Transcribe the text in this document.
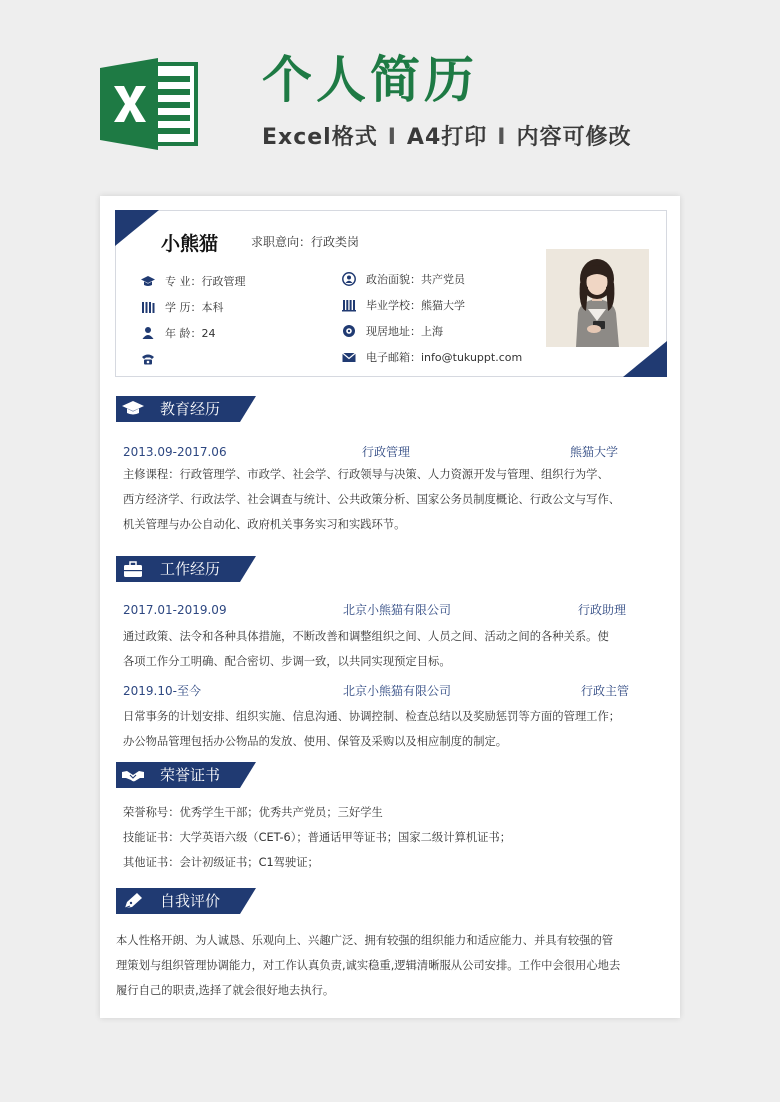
个人简历
Excel格式 I A4打印 I 内容可修改
小熊猫	求职意向：行政类岗
专 业：行政管理
学 历：本科
年 龄：24
政治面貌：共产党员
毕业学校：熊猫大学
现居地址：上海
电子邮箱：info@tukuppt.com
教育经历
2013.09-2017.06	行政管理	熊猫大学

主修课程：行政管理学、市政学、社会学、行政领导与决策、人力资源开发与管理、组织行为学、

西方经济学、行政法学、社会调查与统计、公共政策分析、国家公务员制度概论、行政公文与写作、

机关管理与办公自动化、政府机关事务实习和实践环节。

工作经历
2017.01-2019.09	北京小熊猫有限公司	行政助理

通过政策、法令和各种具体措施，不断改善和调整组织之间、人员之间、活动之间的各种关系。使

各项工作分工明确、配合密切、步调一致，以共同实现预定目标。

2019.10-至今	北京小熊猫有限公司	行政主管

日常事务的计划安排、组织实施、信息沟通、协调控制、检查总结以及奖励惩罚等方面的管理工作；

办公物品管理包括办公物品的发放、使用、保管及采购以及相应制度的制定。

荣誉证书

荣誉称号：优秀学生干部；优秀共产党员；三好学生

技能证书：大学英语六级（CET-6）；普通话甲等证书；国家二级计算机证书；

其他证书：会计初级证书；C1驾驶证；

自我评价

本人性格开朗、为人诚恳、乐观向上、兴趣广泛、拥有较强的组织能力和适应能力、并具有较强的管

理策划与组织管理协调能力，对工作认真负责,诚实稳重,逻辑清晰服从公司安排。工作中会很用心地去

履行自己的职责,选择了就会很好地去执行。
